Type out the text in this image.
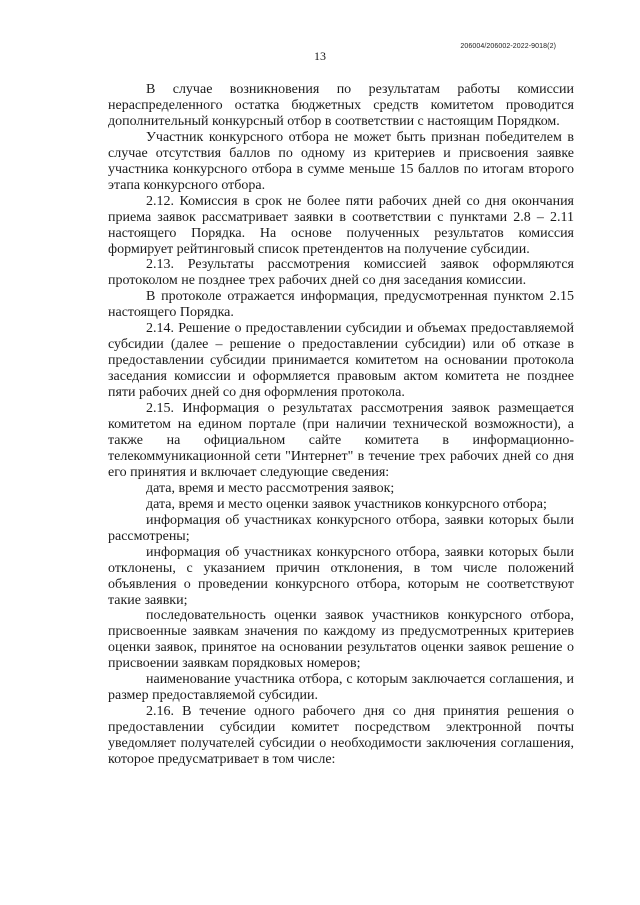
13
206004/206002-2022-9018(2)

В случае возникновения по результатам работы комиссии нераспределенного остатка бюджетных средств комитетом проводится дополнительный конкурсный отбор в соответствии с настоящим Порядком.

Участник конкурсного отбора не может быть признан победителем в случае отсутствия баллов по одному из критериев и присвоения заявке участника конкурсного отбора в сумме меньше 15 баллов по итогам второго этапа конкурсного отбора.

2.12. Комиссия в срок не более пяти рабочих дней со дня окончания приема заявок рассматривает заявки в соответствии с пунктами 2.8 – 2.11 настоящего Порядка. На основе полученных результатов комиссия формирует рейтинговый список претендентов на получение субсидии.

2.13. Результаты рассмотрения комиссией заявок оформляются протоколом не позднее трех рабочих дней со дня заседания комиссии.

В протоколе отражается информация, предусмотренная пунктом 2.15 настоящего Порядка.

2.14. Решение о предоставлении субсидии и объемах предоставляемой субсидии (далее – решение о предоставлении субсидии) или об отказе в предоставлении субсидии принимается комитетом на основании протокола заседания комиссии и оформляется правовым актом комитета не позднее пяти рабочих дней со дня оформления протокола.

2.15. Информация о результатах рассмотрения заявок размещается комитетом на едином портале (при наличии технической возможности), а также на официальном сайте комитета в информационно-телекоммуникационной сети "Интернет" в течение трех рабочих дней со дня его принятия и включает следующие сведения:

дата, время и место рассмотрения заявок;

дата, время и место оценки заявок участников конкурсного отбора;

информация об участниках конкурсного отбора, заявки которых были рассмотрены;

информация об участниках конкурсного отбора, заявки которых были отклонены, с указанием причин отклонения, в том числе положений объявления о проведении конкурсного отбора, которым не соответствуют такие заявки;

последовательность оценки заявок участников конкурсного отбора, присвоенные заявкам значения по каждому из предусмотренных критериев оценки заявок, принятое на основании результатов оценки заявок решение о присвоении заявкам порядковых номеров;

наименование участника отбора, с которым заключается соглашения, и размер предоставляемой субсидии.

2.16. В течение одного рабочего дня со дня принятия решения о предоставлении субсидии комитет посредством электронной почты уведомляет получателей субсидии о необходимости заключения соглашения, которое предусматривает в том числе:
